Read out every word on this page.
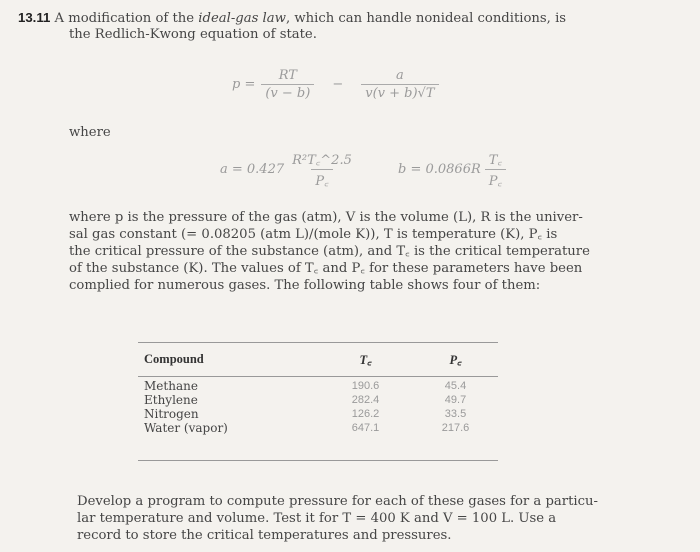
13.11 A modification of the ideal-gas law, which can handle nonideal conditions, is
the Redlich-Kwong equation of state.
$p = \frac{RT}{(v - b)} - \frac{a}{v(v + b)√T}$
where
$a = 0.427 \frac{\text{R²T꜀\textasciicircum{}2.5}}{P꜀}$	$b = 0.0866R \frac{T꜀}{P꜀}$
where p is the pressure of the gas (atm), V is the volume (L), R is the univer-
sal gas constant (= 0.08205 (atm L)/(mole K)), T is temperature (K), P꜀ is
the critical pressure of the substance (atm), and T꜀ is the critical temperature
of the substance (K). The values of T꜀ and P꜀ for these parameters have been
complied for numerous gases. The following table shows four of them:
Compound	T꜀	P꜀

Methane	190.6	45.4
Ethylene	282.4	49.7
Nitrogen	126.2	33.5
Water (vapor)	647.1	217.6
Develop a program to compute pressure for each of these gases for a particu-
lar temperature and volume. Test it for T = 400 K and V = 100 L. Use a
record to store the critical temperatures and pressures.
